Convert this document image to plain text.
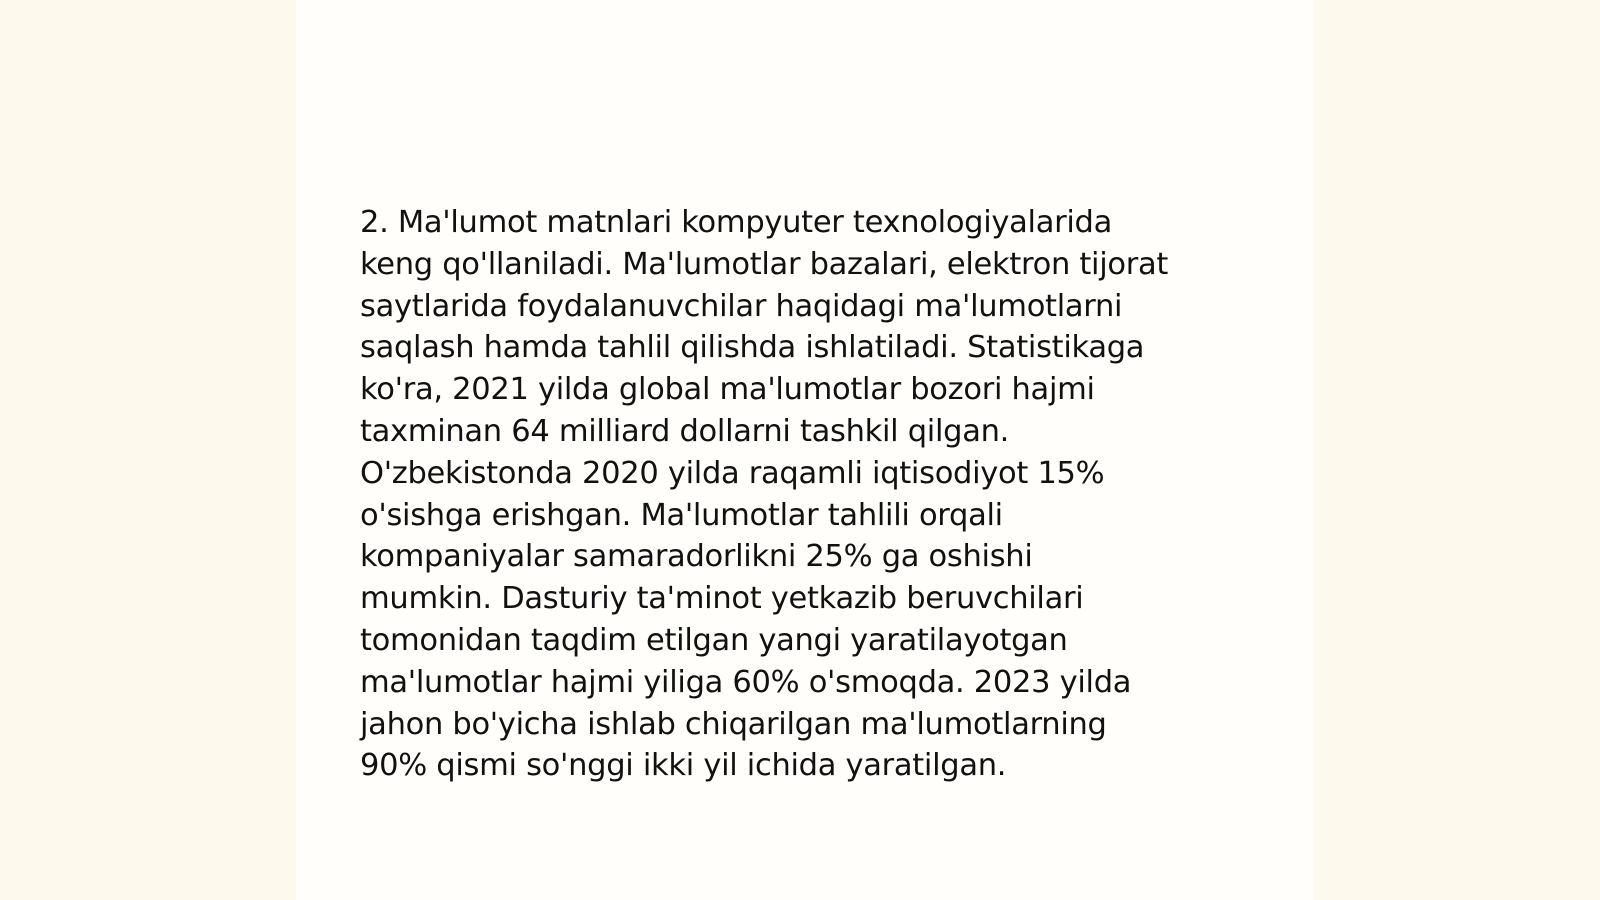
2. Ma'lumot matnlari kompyuter texnologiyalarida
keng qo'llaniladi. Ma'lumotlar bazalari, elektron tijorat
saytlarida foydalanuvchilar haqidagi ma'lumotlarni
saqlash hamda tahlil qilishda ishlatiladi. Statistikaga
ko'ra, 2021 yilda global ma'lumotlar bozori hajmi
taxminan 64 milliard dollarni tashkil qilgan.
O'zbekistonda 2020 yilda raqamli iqtisodiyot 15%
o'sishga erishgan. Ma'lumotlar tahlili orqali
kompaniyalar samaradorlikni 25% ga oshishi
mumkin. Dasturiy ta'minot yetkazib beruvchilari
tomonidan taqdim etilgan yangi yaratilayotgan
ma'lumotlar hajmi yiliga 60% o'smoqda. 2023 yilda
jahon bo'yicha ishlab chiqarilgan ma'lumotlarning
90% qismi so'nggi ikki yil ichida yaratilgan.
